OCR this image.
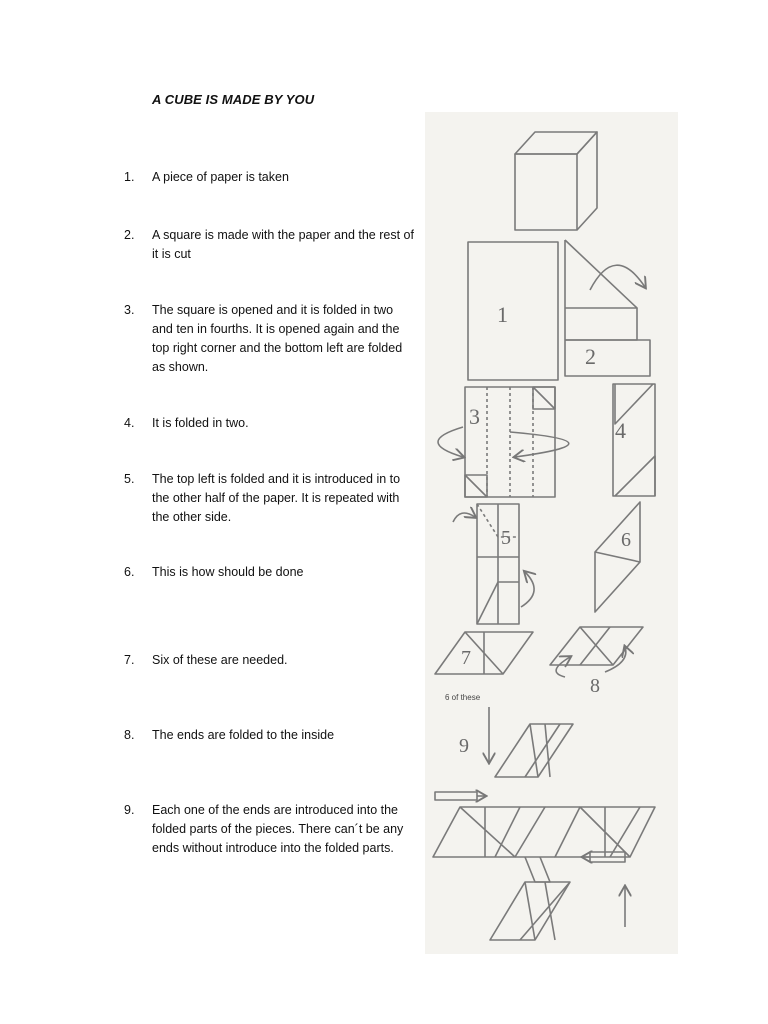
A CUBE IS MADE BY YOU
1.	A piece of paper is taken
2.	A square is made with the paper and the rest of it is cut
3.	The square is opened and it is folded in two and ten in fourths. It is opened again and the top right corner and the bottom left are folded as shown.
4.	It is folded in two.
5.	The top left is folded and it is introduced in to the other half of the paper. It is repeated with the other side.
6.	This is how should be done
7.	Six of these are needed.
8.	The ends are folded to the inside
9.	Each one of the ends are introduced into the folded parts of the pieces. There can´t be any ends without introduce into the folded parts.
1
2
3
4
5	6
7
8
9
6 of these
